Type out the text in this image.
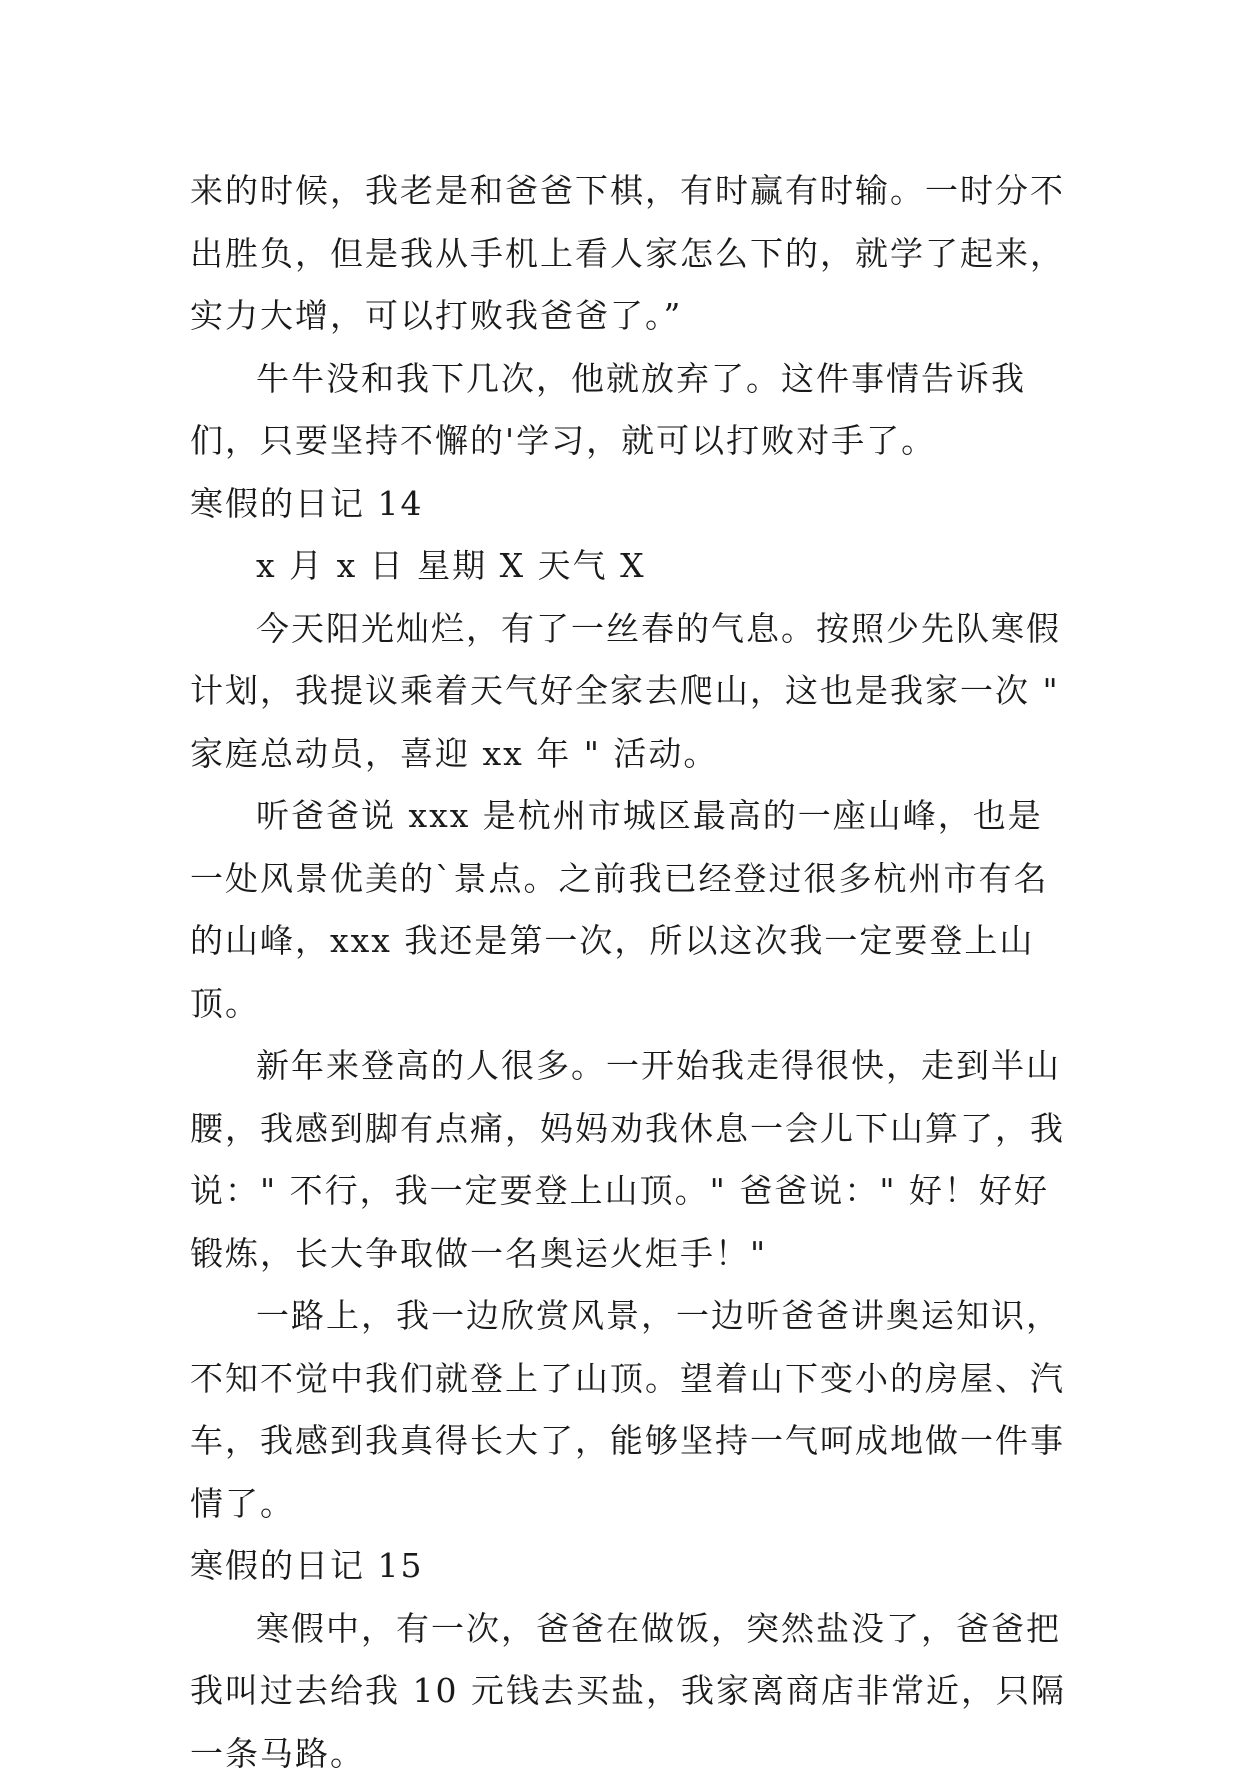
来的时候，我老是和爸爸下棋，有时赢有时输。一时分不出胜负，但是我从手机上看人家怎么下的，就学了起来，实力大增，可以打败我爸爸了。”

牛牛没和我下几次，他就放弃了。这件事情告诉我们，只要坚持不懈的'学习，就可以打败对手了。

寒假的日记 14

x 月 x 日 星期 X 天气 X

今天阳光灿烂，有了一丝春的气息。按照少先队寒假计划，我提议乘着天气好全家去爬山，这也是我家一次 " 家庭总动员，喜迎 xx 年 " 活动。

听爸爸说 xxx 是杭州市城区最高的一座山峰，也是一处风景优美的`景点。之前我已经登过很多杭州市有名的山峰，xxx 我还是第一次，所以这次我一定要登上山顶。

新年来登高的人很多。一开始我走得很快，走到半山腰，我感到脚有点痛，妈妈劝我休息一会儿下山算了，我说：" 不行，我一定要登上山顶。" 爸爸说：" 好！好好锻炼，长大争取做一名奥运火炬手！"

一路上，我一边欣赏风景，一边听爸爸讲奥运知识，不知不觉中我们就登上了山顶。望着山下变小的房屋、汽车，我感到我真得长大了，能够坚持一气呵成地做一件事情了。

寒假的日记 15

寒假中，有一次，爸爸在做饭，突然盐没了，爸爸把我叫过去给我 10 元钱去买盐，我家离商店非常近，只隔一条马路。
